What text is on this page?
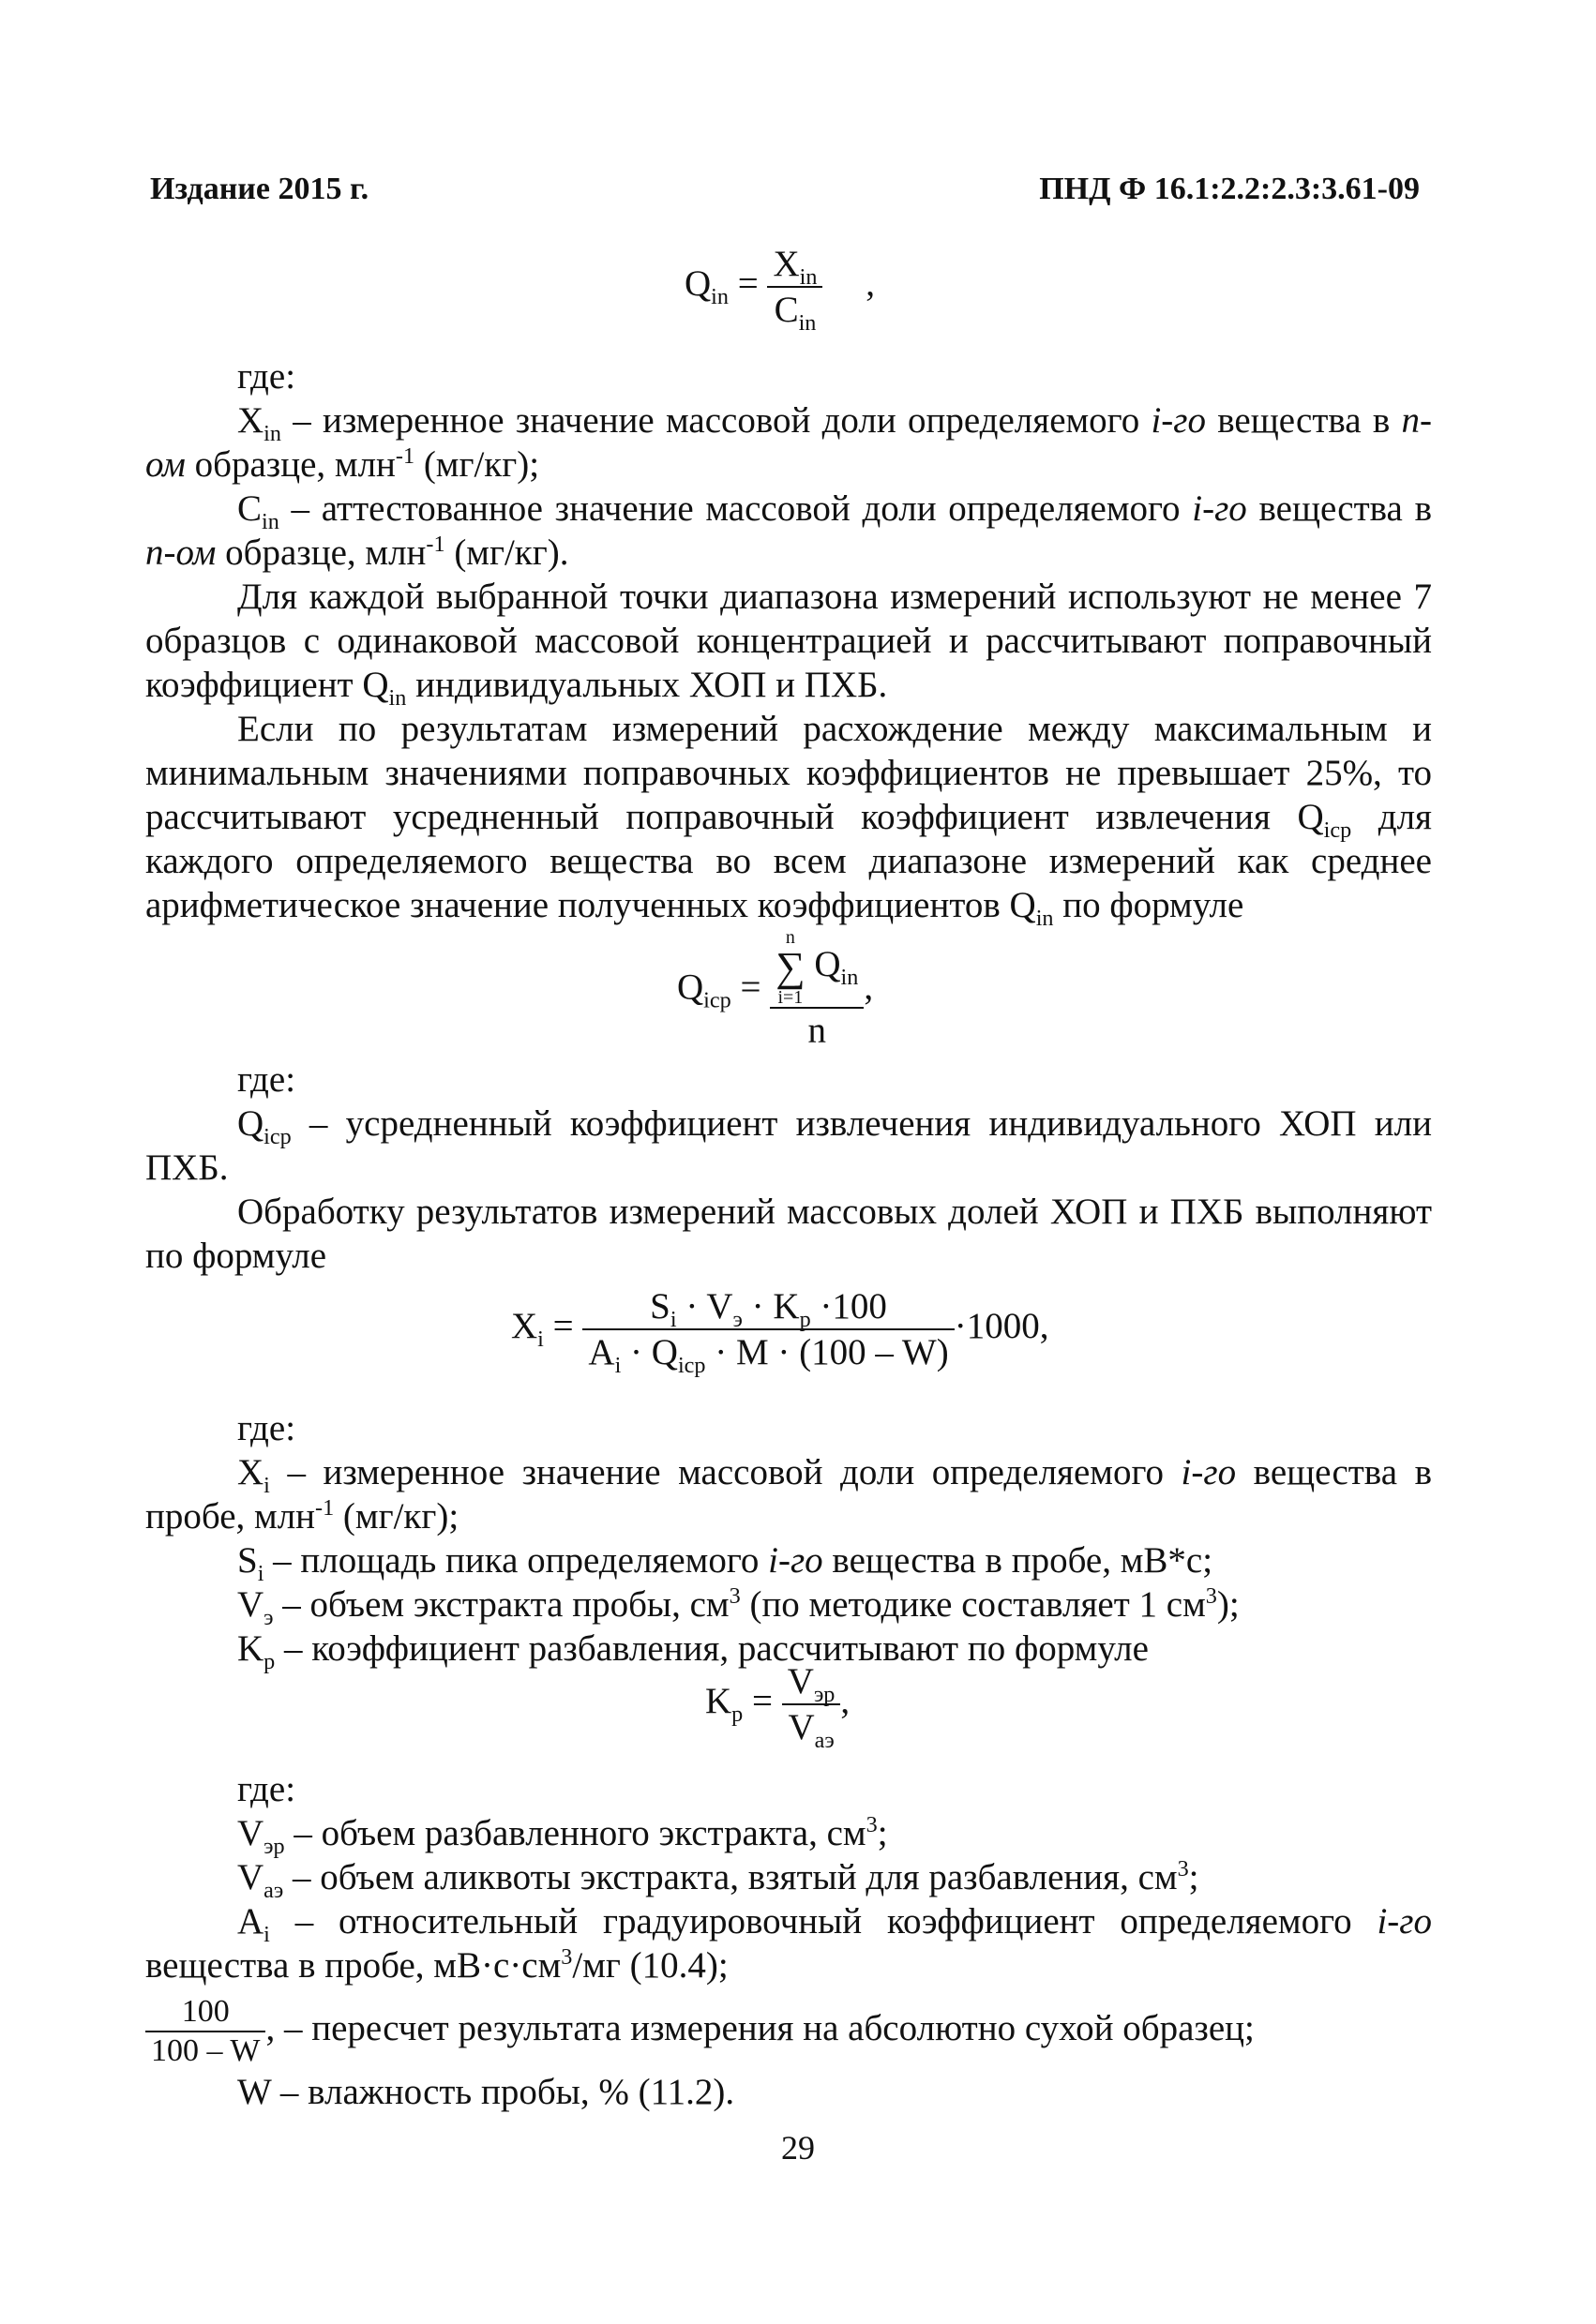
Издание 2015 г.	ПНД Ф 16.1:2.2:2.3:3.61-09
$Q_{in} = \frac{X_{in}}{C_{in}}$ ,

где:

$X_{in}$ – измеренное значение массовой доли определяемого i-го вещества в n-ом образце, млн$^{-1}$ (мг/кг);

$C_{in}$ – аттестованное значение массовой доли определяемого i-го вещества в n-ом образце, млн$^{-1}$ (мг/кг).

Для каждой выбранной точки диапазона измерений используют не менее 7 образцов с одинаковой массовой концентрацией и рассчитывают поправочный коэффициент $Q_{in}$ индивидуальных ХОП и ПХБ.

Если по результатам измерений расхождение между максимальным и минимальным значениями поправочных коэффициентов не превышает 25%, то рассчитывают усредненный поправочный коэффициент извлечения $Q_{iср}$ для каждого определяемого вещества во всем диапазоне измерений как среднее арифметическое значение полученных коэффициентов $Q_{in}$ по формуле

$Q_{iср} = n$
∑
i=1
$Q_{in}$
n ,

где:

$Q_{iср}$ – усредненный коэффициент извлечения индивидуального ХОП или ПХБ.

Обработку результатов измерений массовых долей ХОП и ПХБ выполняют по формуле

$X_i = \frac{S_i \cdot V_э \cdot K_p \cdot 100}{A_i \cdot Q_{iср} \cdot M \cdot (100 - W)} \cdot 1000$,

где:

$X_i$ – измеренное значение массовой доли определяемого i-го вещества в пробе, млн$^{-1}$ (мг/кг);

$S_i$ – площадь пика определяемого i-го вещества в пробе, мВ*с;

$V_э$ – объем экстракта пробы, $см^3$ (по методике составляет 1 $см^3$);

$K_p$ – коэффициент разбавления, рассчитывают по формуле

$K_p = \frac{V_{эр}}{V_{аэ}}$ ,

где:

$V_{эр}$ – объем разбавленного экстракта, $см^3$;

$V_{аэ}$ – объем аликвоты экстракта, взятый для разбавления, $см^3$;

$A_i$ – относительный градуировочный коэффициент определяемого i-го вещества в пробе, $мВ\cdot с\cdot см^3/мг$ (10.4);

$\frac{100}{100 - W}$ , – пересчет результата измерения на абсолютно сухой образец;

W – влажность пробы, % (11.2).

29
